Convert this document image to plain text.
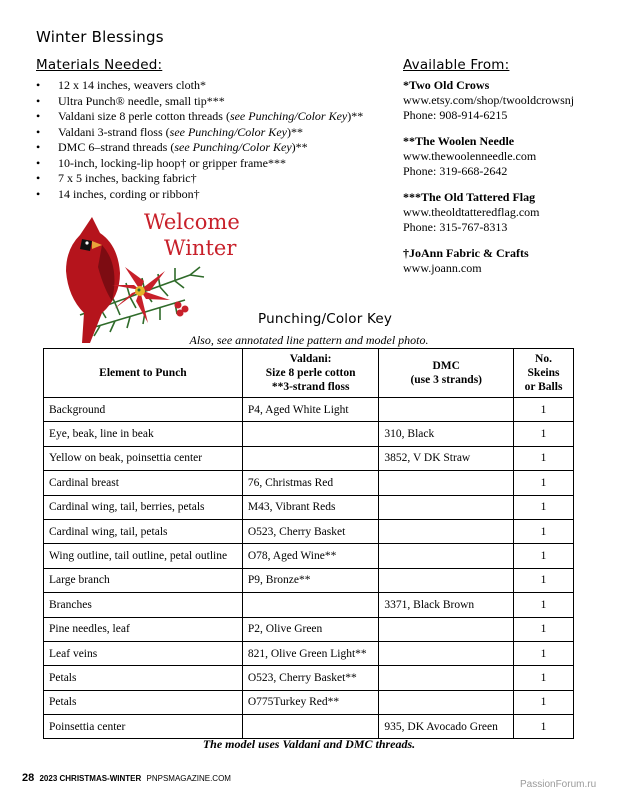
Winter Blessings
Materials Needed:
• 12 x 14 inches, weavers cloth*
• Ultra Punch® needle, small tip***
• Valdani size 8 perle cotton threads (see Punching/Color Key)**
• Valdani 3-strand floss (see Punching/Color Key)**
• DMC 6–strand threads (see Punching/Color Key)**
• 10-inch, locking-lip hoop† or gripper frame***
• 7 x 5 inches, backing fabric†
• 14 inches, cording or ribbon†
Available From:
*Two Old Crows
www.etsy.com/shop/twooldcrowsnj
Phone: 908-914-6215
**The Woolen Needle
www.thewoolenneedle.com
Phone: 319-668-2642
***The Old Tattered Flag
www.theoldtatteredflag.com
Phone: 315-767-8313
†JoAnn Fabric & Crafts
www.joann.com
Welcome
Winter
Punching/Color Key
Also, see annotated line pattern and model photo.
Element to Punch	Valdani:
Size 8 perle cotton
**3-strand floss	DMC
(use 3 strands)	No. Skeins
or Balls
Background	P4, Aged White Light		1
Eye, beak, line in beak		310, Black	1
Yellow on beak, poinsettia center		3852, V DK Straw	1
Cardinal breast	76, Christmas Red		1
Cardinal wing, tail, berries, petals	M43, Vibrant Reds		1
Cardinal wing, tail, petals	O523, Cherry Basket		1
Wing outline, tail outline, petal outline	O78, Aged Wine**		1
Large branch	P9, Bronze**		1
Branches		3371, Black Brown	1
Pine needles, leaf	P2, Olive Green		1
Leaf veins	821, Olive Green Light**		1
Petals	O523, Cherry Basket**		1
Petals	O775Turkey Red**		1
Poinsettia center		935, DK Avocado Green	1
The model uses Valdani and DMC threads.
28 2023 CHRISTMAS-WINTER PNPSMAGAZINE.COM
PassionForum.ru
